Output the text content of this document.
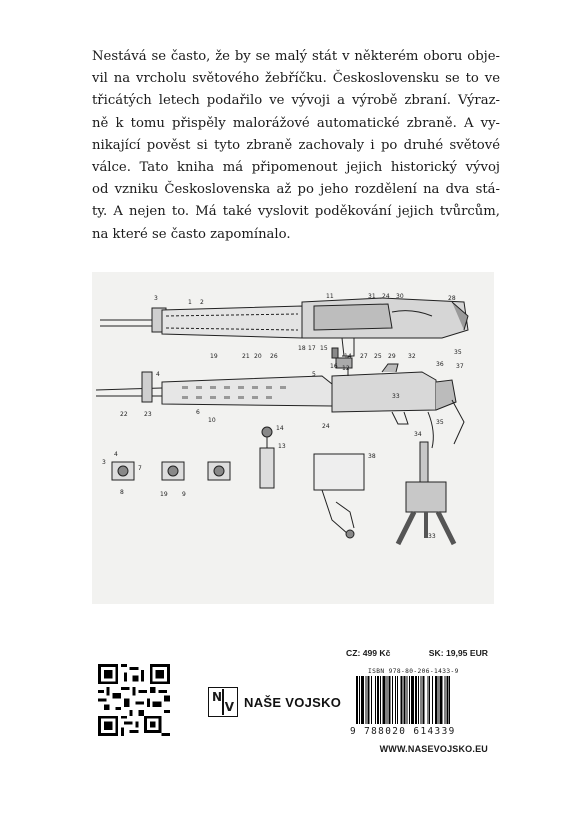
Nestává se často, že by se malý stát v některém oboru obje-
vil na vrcholu světového žebříčku. Československu se to ve
třicátých letech podařilo ve vývoji a výrobě zbraní. Výraz-
ně k tomu přispěly malorážové automatické zbraně. A vy-
nikající pověst si tyto zbraně zachovaly i po druhé světové
válce. Tato kniha má připomenout jejich historický vývoj
od vzniku Československa až po jeho rozdělení na dva stá-
ty. A nejen to. Má také vyslovit poděkování jejich tvůrcům,
na které se často zapomínalo.
3
1 2
11	31 24 30	28
19	21 20 26
18 17 15
14 27 25 29 32
36
35
37
4	5
16 12
22	23	6
10
24
33
35
34
14
13
3
4
7
8	19 9
38
33
N
V NAŠE VOJSKO
CZ: 499 Kč	SK: 19,95 EUR
ISBN 978-80-206-1433-9
9 788020 614339
WWW.NASEVOJSKO.EU
